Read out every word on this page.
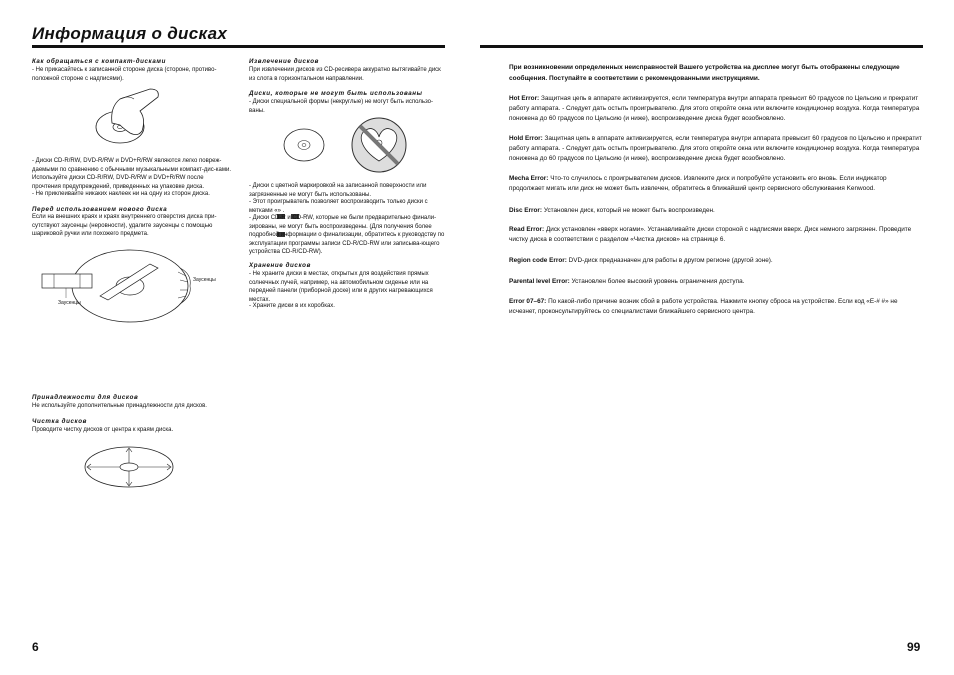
Информация о дисках
Как обращаться с компакт-дисками
- Не прикасайтесь к записанной стороне диска (стороне, противо-положной стороне с надписями).
- Диски CD-R/RW, DVD-R/RW и DVD+R/RW являются легко повреж-даемыми по сравнению с обычными музыкальными компакт-дис-ками. Используйте диски CD-R/RW, DVD-R/RW и DVD+R/RW после прочтения предупреждений, приведенных на упаковке диска.
- Не приклеивайте никаких наклеек ни на одну из сторон диска.
Перед использованием нового диска
Если на внешних краях и краях внутреннего отверстия диска при-сутствуют заусенцы (неровности), удалите заусенцы с помощью шариковой ручки или похожего предмета.
Заусенцы
Заусенцы
Принадлежности для дисков
Не используйте дополнительные принадлежности для дисков.
Чистка дисков
Проводите чистку дисков от центра к краям диска.
Извлечение дисков
При извлечении дисков из CD-ресивера аккуратно вытягивайте диск из слота в горизонтальном направлении.
Диски, которые не могут быть использованы
- Диски специальной формы (некруглые) не могут быть использо-ваны.
- Диски с цветной маркировкой на записанной поверхности или загрязненные не могут быть использованы.
- Этот проигрыватель позволяет воспроизводить только диски с метками «» .

- Диски CD-R и CD-RW, которые не были предварительно финали-зированы, не могут быть воспроизведены. (Для получения более подробной информации о финализации, обратитесь к руководству по эксплуатации программы записи CD-R/CD-RW или записыва-ющего устройства CD-R/CD-RW).
Хранение дисков
- Не храните диски в местах, открытых для воздействия прямых солнечных лучей, например, на автомобильном сиденье или на передней панели (приборной доске) или в других нагревающихся местах.
- Храните диски в их коробках.
6
При возникновении определенных неисправностей Вашего устройства на дисплее могут быть отображены следующие сообщения. Поступайте в соответствии с рекомендованными инструкциями.
Hot Error: Защитная цепь в аппарате активизируется, если температура внутри аппарата превысит 60 градусов по Цельсию и прекратит работу аппарата. - Следует дать остыть проигрывателю. Для этого откройте окна или включите кондиционер воздуха. Когда температура понижена до 60 градусов по Цельсию (и ниже), воспроизведение диска будет возобновлено.
Hold Error: Защитная цепь в аппарате активизируется, если температура внутри аппарата превысит 60 градусов по Цельсию и прекратит работу аппарата. - Следует дать остыть проигрывателю. Для этого откройте окна или включите кондиционер воздуха. Когда температура понижена до 60 градусов по Цельсию (и ниже), воспроизведение диска будет возобновлено.
Mecha Error: Что-то случилось с проигрывателем дисков. Извлеките диск и попробуйте установить его вновь. Если индикатор продолжает мигать или диск не может быть извлечен, обратитесь в ближайший центр сервисного обслуживания Kenwood.
Disc Error: Установлен диск, который не может быть воспроизведен.
Read Error: Диск установлен «вверх ногами». Устанавливайте диски стороной с надписями вверх. Диск немного загрязнен. Проведите чистку диска в соответствии с разделом «Чистка дисков» на странице 6.
Region code Error: DVD-диск предназначен для работы в другом регионе (другой зоне).
Parental level Error: Установлен более высокий уровень ограничения доступа.
Error 07–67: По какой-либо причине возник сбой в работе устройства. Нажмите кнопку сброса на устройстве. Если код «E-# #» не исчезнет, проконсультируйтесь со специалистами ближайшего сервисного центра.
99
